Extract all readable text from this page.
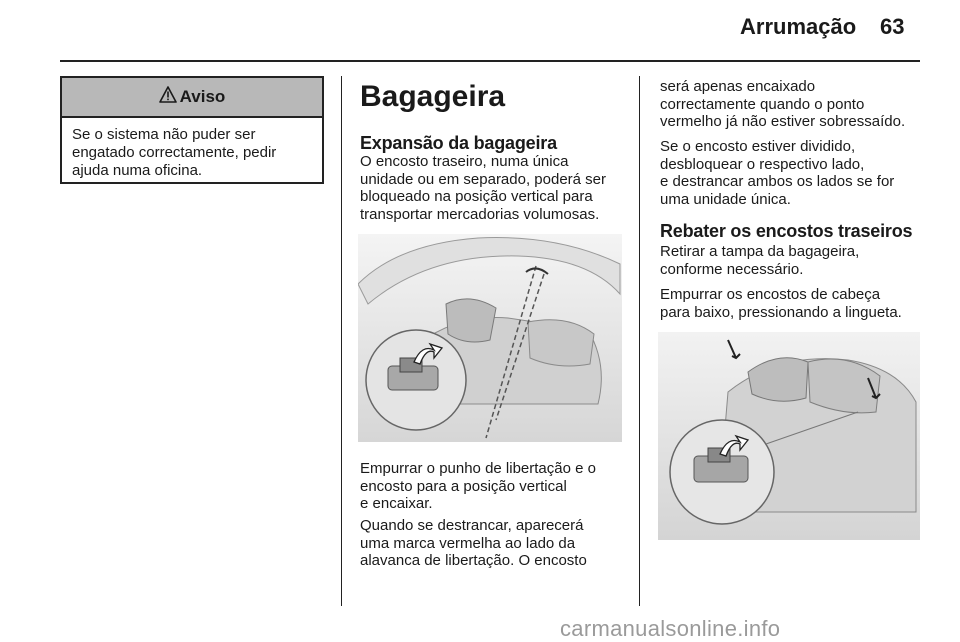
Arrumação 63
Aviso
Se o sistema não puder ser
engatado correctamente, pedir
ajuda numa oficina.
Bagageira
Expansão da bagageira
O encosto traseiro, numa única
unidade ou em separado, poderá ser
bloqueado na posição vertical para
transportar mercadorias volumosas.
Empurrar o punho de libertação e o
encosto para a posição vertical
e encaixar.
Quando se destrancar, aparecerá
uma marca vermelha ao lado da
alavanca de libertação. O encosto
será apenas encaixado
correctamente quando o ponto
vermelho já não estiver sobressaído.
Se o encosto estiver dividido,
desbloquear o respectivo lado,
e destrancar ambos os lados se for
uma unidade única.
Rebater os encostos traseiros
Retirar a tampa da bagageira,
conforme necessário.
Empurrar os encostos de cabeça
para baixo, pressionando a lingueta.
carmanualsonline.info
